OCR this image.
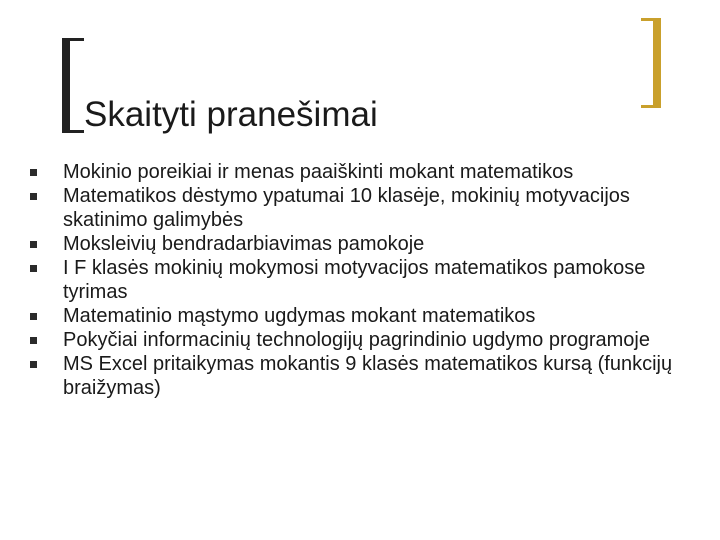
Skaityti pranešimai
Mokinio poreikiai ir menas paaiškinti mokant matematikos
Matematikos dėstymo ypatumai 10 klasėje, mokinių motyvacijos skatinimo galimybės
Moksleivių bendradarbiavimas pamokoje
I F klasės mokinių mokymosi motyvacijos matematikos pamokose tyrimas
Matematinio mąstymo ugdymas mokant matematikos
Pokyčiai informacinių technologijų pagrindinio ugdymo programoje
MS Excel pritaikymas mokantis 9 klasės matematikos kursą (funkcijų braižymas)
